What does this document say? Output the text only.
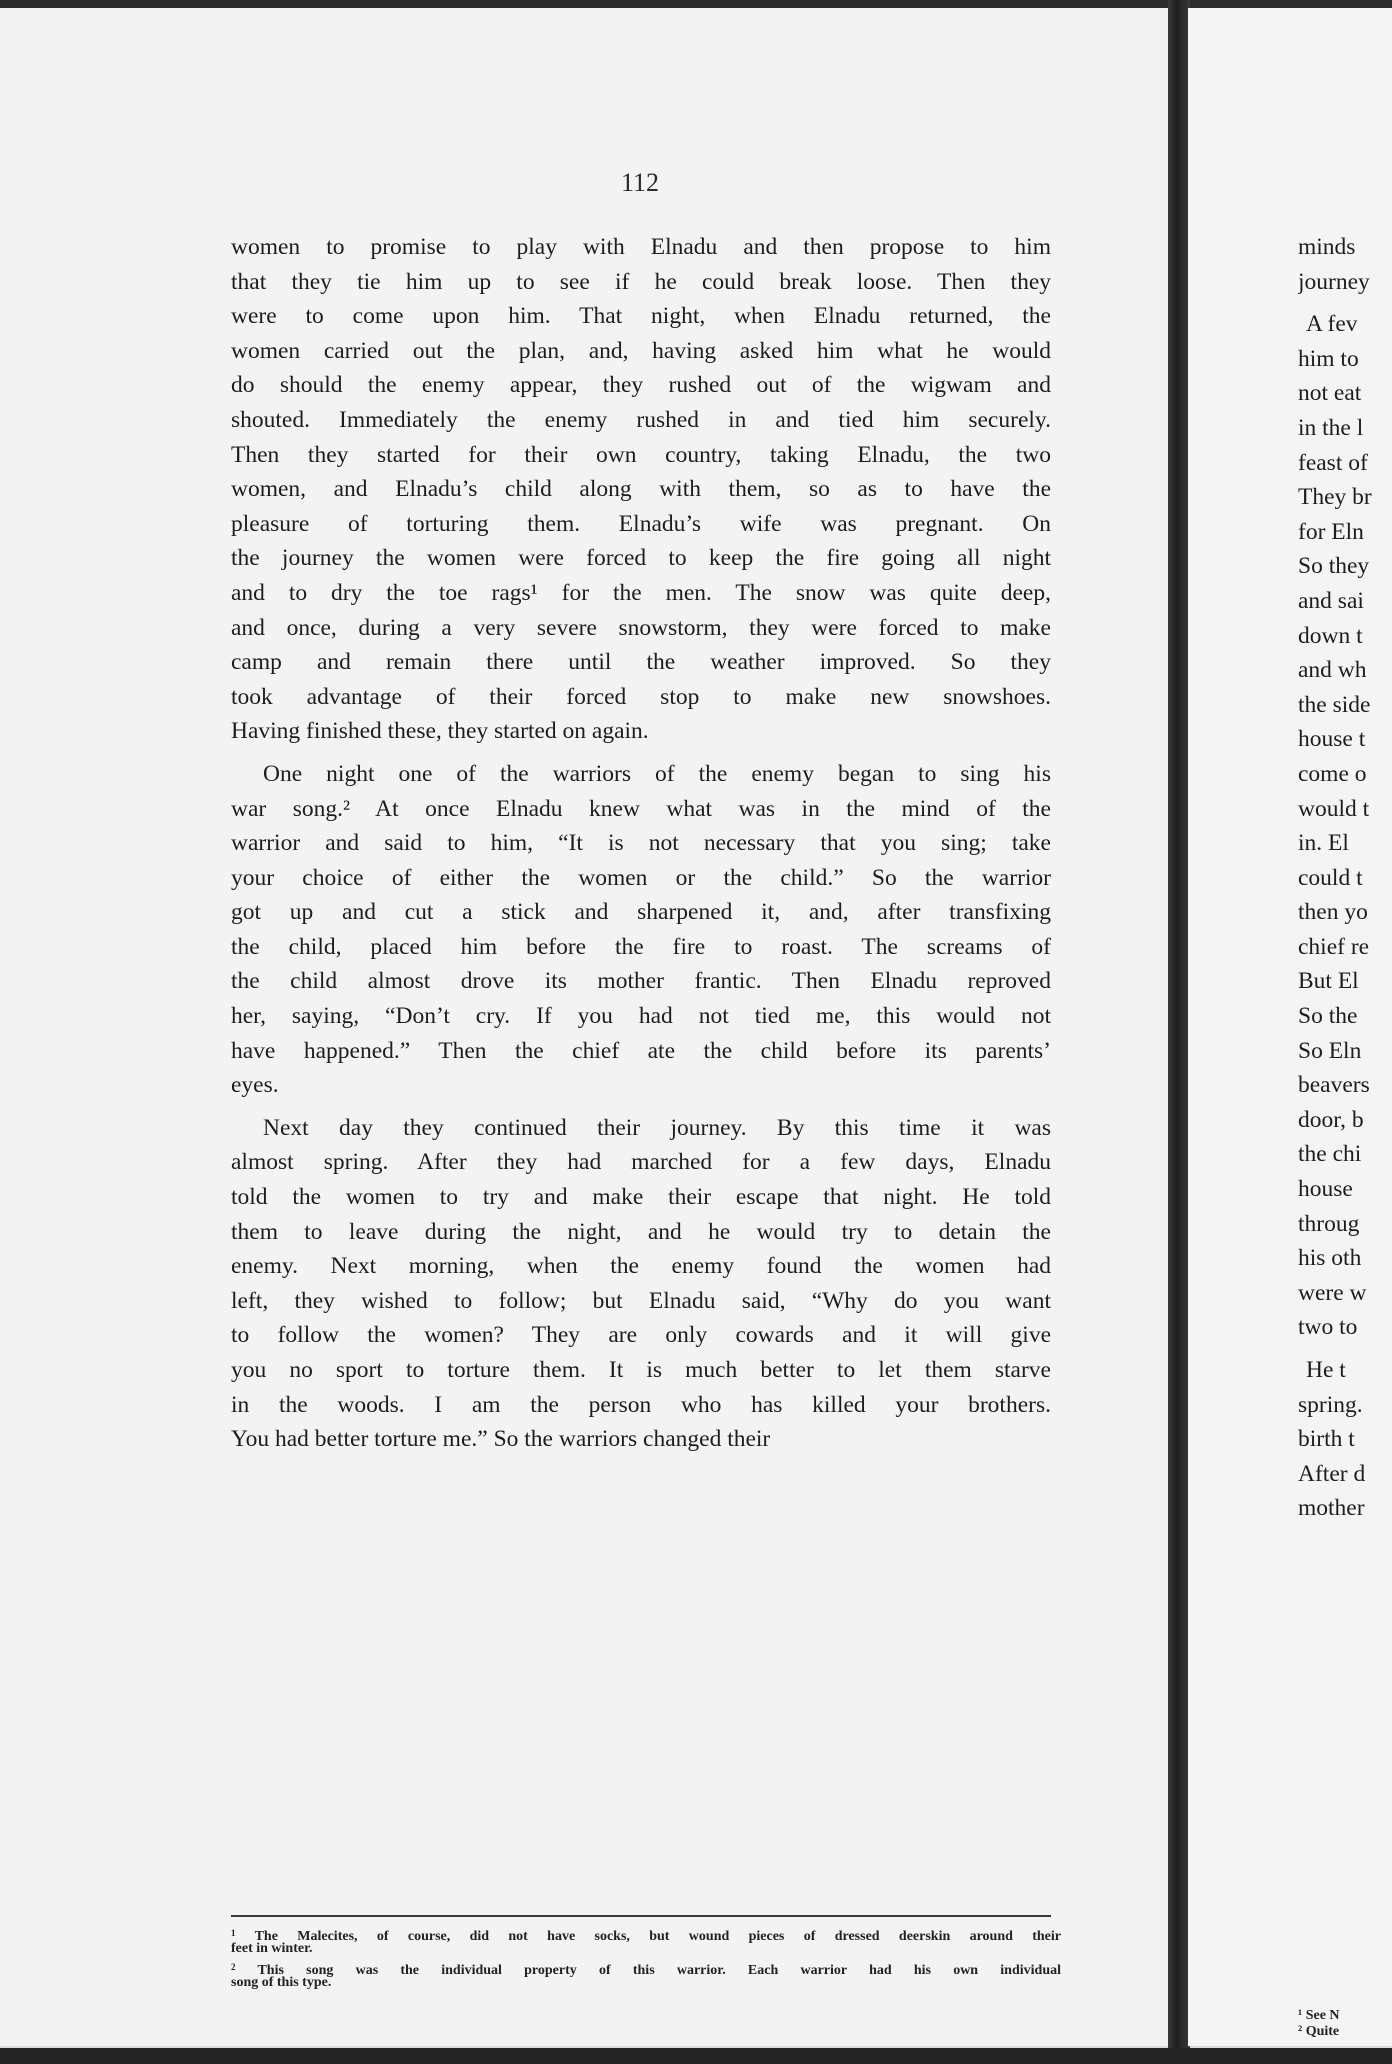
112
women to promise to play with Elnadu and then propose to him
that they tie him up to see if he could break loose. Then they
were to come upon him. That night, when Elnadu returned, the
women carried out the plan, and, having asked him what he would
do should the enemy appear, they rushed out of the wigwam and
shouted. Immediately the enemy rushed in and tied him securely.
Then they started for their own country, taking Elnadu, the two
women, and Elnadu’s child along with them, so as to have the
pleasure of torturing them. Elnadu’s wife was pregnant. On
the journey the women were forced to keep the fire going all night
and to dry the toe rags¹ for the men. The snow was quite deep,
and once, during a very severe snowstorm, they were forced to make
camp and remain there until the weather improved. So they
took advantage of their forced stop to make new snowshoes.
Having finished these, they started on again.
One night one of the warriors of the enemy began to sing his
war song.² At once Elnadu knew what was in the mind of the
warrior and said to him, “It is not necessary that you sing; take
your choice of either the women or the child.” So the warrior
got up and cut a stick and sharpened it, and, after transfixing
the child, placed him before the fire to roast. The screams of
the child almost drove its mother frantic. Then Elnadu reproved
her, saying, “Don’t cry. If you had not tied me, this would not
have happened.” Then the chief ate the child before its parents’
eyes.
Next day they continued their journey. By this time it was
almost spring. After they had marched for a few days, Elnadu
told the women to try and make their escape that night. He told
them to leave during the night, and he would try to detain the
enemy. Next morning, when the enemy found the women had
left, they wished to follow; but Elnadu said, “Why do you want
to follow the women? They are only cowards and it will give
you no sport to torture them. It is much better to let them starve
in the woods. I am the person who has killed your brothers.
You had better torture me.” So the warriors changed their
$^1$ The Malecites, of course, did not have socks, but wound pieces of dressed deerskin around their
feet in winter.
$^2$ This song was the individual property of this warrior. Each warrior had his own individual
song of this type.
minds
journey
A fev
him to
not eat
in the l
feast of
They br
for Eln
So they
and sai
down t
and wh
the side
house t
come o
would t
in. El
could t
then yo
chief re
But El
So the
So Eln
beavers
door, b
the chi
house
throug
his oth
were w
two to
He t
spring.
birth t
After d
mother
¹ See N
² Quite
